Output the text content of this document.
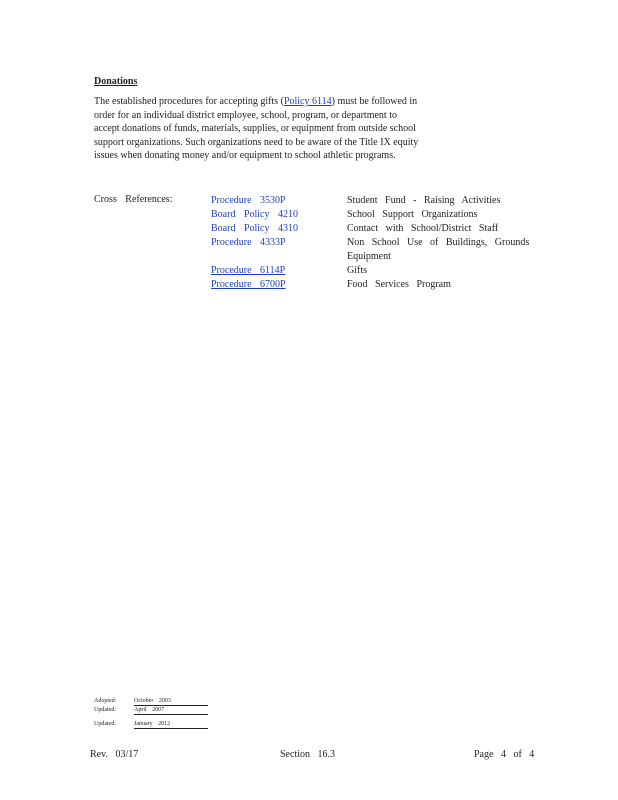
Donations
The established procedures for accepting gifts (Policy 6114) must be followed in
order for an individual district employee, school, program, or department to
accept donations of funds, materials, supplies, or equipment from outside school
support organizations. Such organizations need to be aware of the Title IX equity
issues when donating money and/or equipment to school athletic programs.
Cross References:	Procedure 3530P	Student Fund - Raising Activities
Board Policy 4210	School Support Organizations
Board Policy 4310	Contact with School/District Staff
Procedure 4333P	Non School Use of Buildings, Grounds Equipment
Procedure 6114P	Gifts
Procedure 6700P	Food Services Program
Adopted:	October 2003
Updated:	April 2007
Updated:	January 2012
Rev. 03/17	Section 16.3	Page 4 of 4
